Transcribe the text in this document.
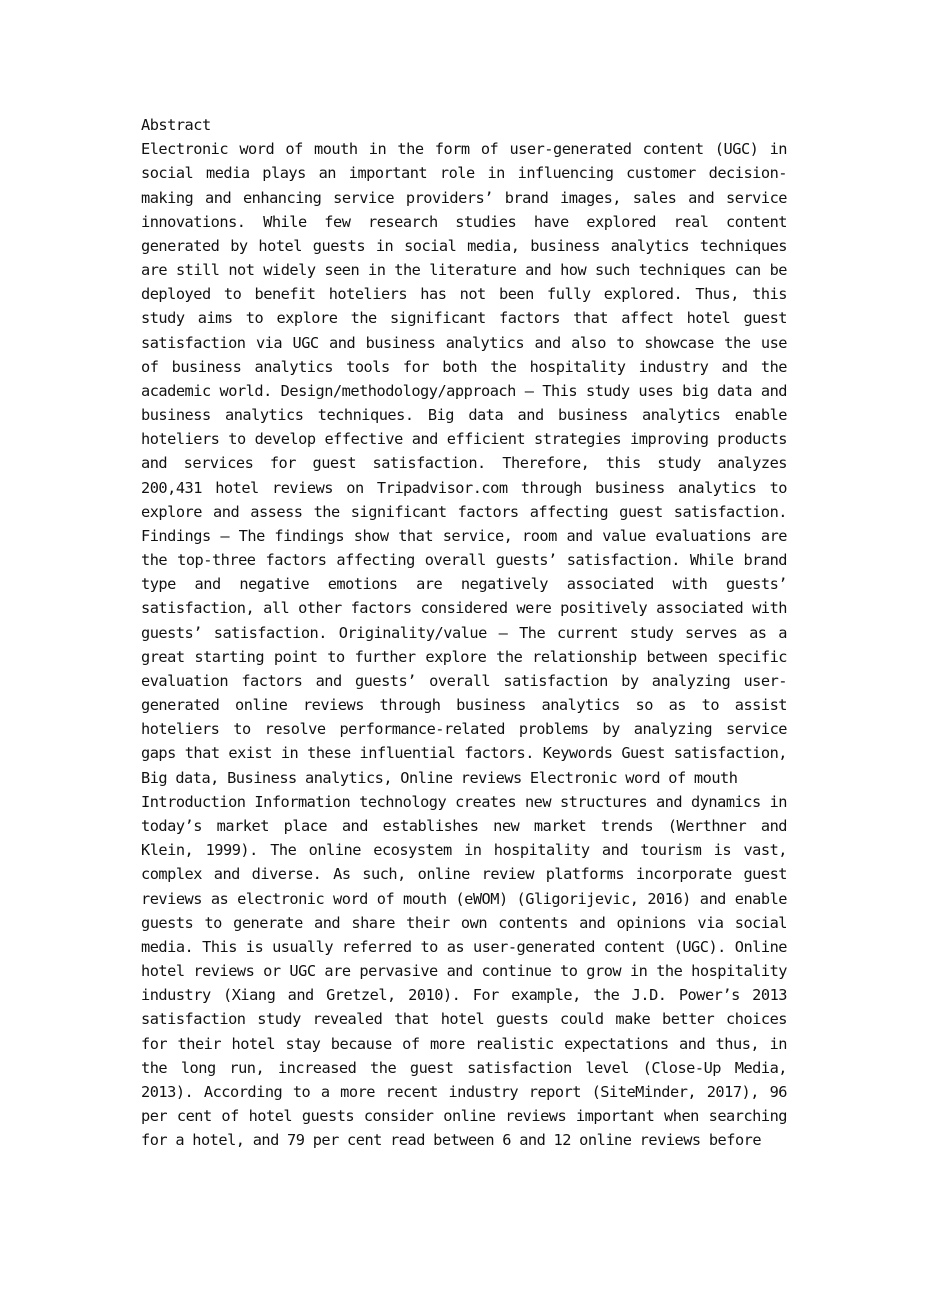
Abstract

Electronic word of mouth in the form of user-generated content (UGC) in social media plays an important role in influencing customer decision-making and enhancing service providers’ brand images, sales and service innovations. While few research studies have explored real content generated by hotel guests in social media, business analytics techniques are still not widely seen in the literature and how such techniques can be deployed to benefit hoteliers has not been fully explored. Thus, this study aims to explore the significant factors that affect hotel guest satisfaction via UGC and business analytics and also to showcase the use of business analytics tools for both the hospitality industry and the academic world. Design/methodology/approach – This study uses big data and business analytics techniques. Big data and business analytics enable hoteliers to develop effective and efficient strategies improving products and services for guest satisfaction. Therefore, this study analyzes 200,431 hotel reviews on Tripadvisor.com through business analytics to explore and assess the significant factors affecting guest satisfaction. Findings – The findings show that service, room and value evaluations are the top-three factors affecting overall guests’ satisfaction. While brand type and negative emotions are negatively associated with guests’ satisfaction, all other factors considered were positively associated with guests’ satisfaction. Originality/value – The current study serves as a great starting point to further explore the relationship between specific evaluation factors and guests’ overall satisfaction by analyzing user-generated online reviews through business analytics so as to assist hoteliers to resolve performance-related problems by analyzing service gaps that exist in these influential factors. Keywords Guest satisfaction, Big data, Business analytics, Online reviews Electronic word of mouth

Introduction Information technology creates new structures and dynamics in today’s market place and establishes new market trends (Werthner and Klein, 1999). The online ecosystem in hospitality and tourism is vast, complex and diverse. As such, online review platforms incorporate guest reviews as electronic word of mouth (eWOM) (Gligorijevic, 2016) and enable guests to generate and share their own contents and opinions via social media. This is usually referred to as user-generated content (UGC). Online hotel reviews or UGC are pervasive and continue to grow in the hospitality industry (Xiang and Gretzel, 2010). For example, the J.D. Power’s 2013 satisfaction study revealed that hotel guests could make better choices for their hotel stay because of more realistic expectations and thus, in the long run, increased the guest satisfaction level (Close-Up Media, 2013). According to a more recent industry report (SiteMinder, 2017), 96 per cent of hotel guests consider online reviews important when searching for a hotel, and 79 per cent read between 6 and 12 online reviews before
